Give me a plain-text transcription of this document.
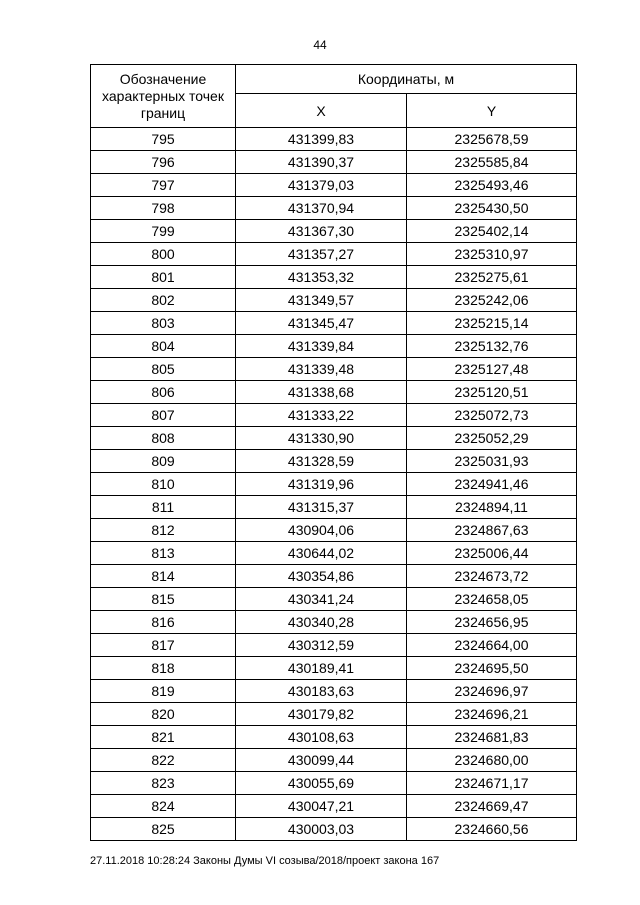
44
Обозначение характерных точек границ	Координаты, м	
	X	Y
795	431399,83	2325678,59
796	431390,37	2325585,84
797	431379,03	2325493,46
798	431370,94	2325430,50
799	431367,30	2325402,14
800	431357,27	2325310,97
801	431353,32	2325275,61
802	431349,57	2325242,06
803	431345,47	2325215,14
804	431339,84	2325132,76
805	431339,48	2325127,48
806	431338,68	2325120,51
807	431333,22	2325072,73
808	431330,90	2325052,29
809	431328,59	2325031,93
810	431319,96	2324941,46
811	431315,37	2324894,11
812	430904,06	2324867,63
813	430644,02	2325006,44
814	430354,86	2324673,72
815	430341,24	2324658,05
816	430340,28	2324656,95
817	430312,59	2324664,00
818	430189,41	2324695,50
819	430183,63	2324696,97
820	430179,82	2324696,21
821	430108,63	2324681,83
822	430099,44	2324680,00
823	430055,69	2324671,17
824	430047,21	2324669,47
825	430003,03	2324660,56
27.11.2018 10:28:24 Законы Думы VI созыва/2018/проект закона 167
